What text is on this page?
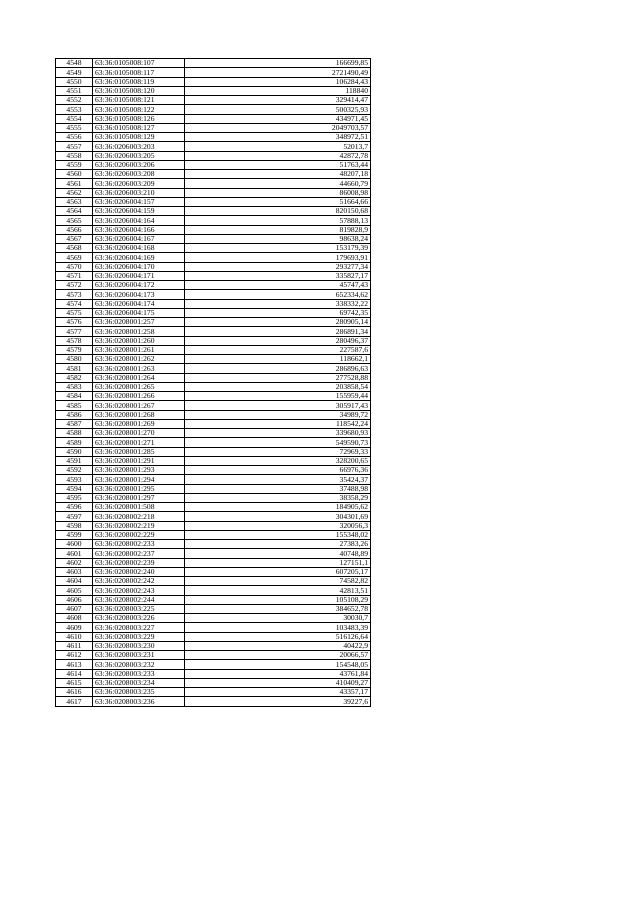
4548	63:36:0105008:107	166699,85
4549	63:36:0105008:117	2721490,49
4550	63:36:0105008:119	106284,43
4551	63:36:0105008:120	118840
4552	63:36:0105008:121	329414,47
4553	63:36:0105008:122	500325,93
4554	63:36:0105008:126	434971,45
4555	63:36:0105008:127	2049703,57
4556	63:36:0105008:129	348972,51
4557	63:36:0206003:203	52013,7
4558	63:36:0206003:205	42872,78
4559	63:36:0206003:206	51763,44
4560	63:36:0206003:208	48207,18
4561	63:36:0206003:209	44660,79
4562	63:36:0206003:210	86008,98
4563	63:36:0206004:157	51664,66
4564	63:36:0206004:159	820150,68
4565	63:36:0206004:164	57888,13
4566	63:36:0206004:166	819828,9
4567	63:36:0206004:167	98638,24
4568	63:36:0206004:168	153179,39
4569	63:36:0206004:169	179693,91
4570	63:36:0206004:170	293277,34
4571	63:36:0206004:171	335827,17
4572	63:36:0206004:172	45747,43
4573	63:36:0206004:173	652334,62
4574	63:36:0206004:174	338332,22
4575	63:36:0206004:175	69742,35
4576	63:36:0208001:257	280905,14
4577	63:36:0208001:258	286891,34
4578	63:36:0208001:260	280496,37
4579	63:36:0208001:261	227587,6
4580	63:36:0208001:262	118662,1
4581	63:36:0208001:263	286896,63
4582	63:36:0208001:264	277528,88
4583	63:36:0208001:265	203858,54
4584	63:36:0208001:266	155959,44
4585	63:36:0208001:267	305917,43
4586	63:36:0208001:268	34989,72
4587	63:36:0208001:269	118542,24
4588	63:36:0208001:270	339680,93
4589	63:36:0208001:271	549590,73
4590	63:36:0208001:285	72969,33
4591	63:36:0208001:291	328200,65
4592	63:36:0208001:293	66976,36
4593	63:36:0208001:294	35424,37
4594	63:36:0208001:295	37488,98
4595	63:36:0208001:297	38358,29
4596	63:36:0208001:508	184905,62
4597	63:36:0208002:218	304301,69
4598	63:36:0208002:219	320056,3
4599	63:36:0208002:229	155348,02
4600	63:36:0208002:233	27383,26
4601	63:36:0208002:237	40748,89
4602	63:36:0208002:239	127151,1
4603	63:36:0208002:240	607205,17
4604	63:36:0208002:242	74582,82
4605	63:36:0208002:243	42813,51
4606	63:36:0208002:244	105108,29
4607	63:36:0208003:225	384652,78
4608	63:36:0208003:226	30030,7
4609	63:36:0208003:227	103483,39
4610	63:36:0208003:229	516126,64
4611	63:36:0208003:230	40422,9
4612	63:36:0208003:231	20066,57
4613	63:36:0208003:232	154548,05
4614	63:36:0208003:233	43761,84
4615	63:36:0208003:234	410409,27
4616	63:36:0208003:235	43357,17
4617	63:36:0208003:236	39227,6
